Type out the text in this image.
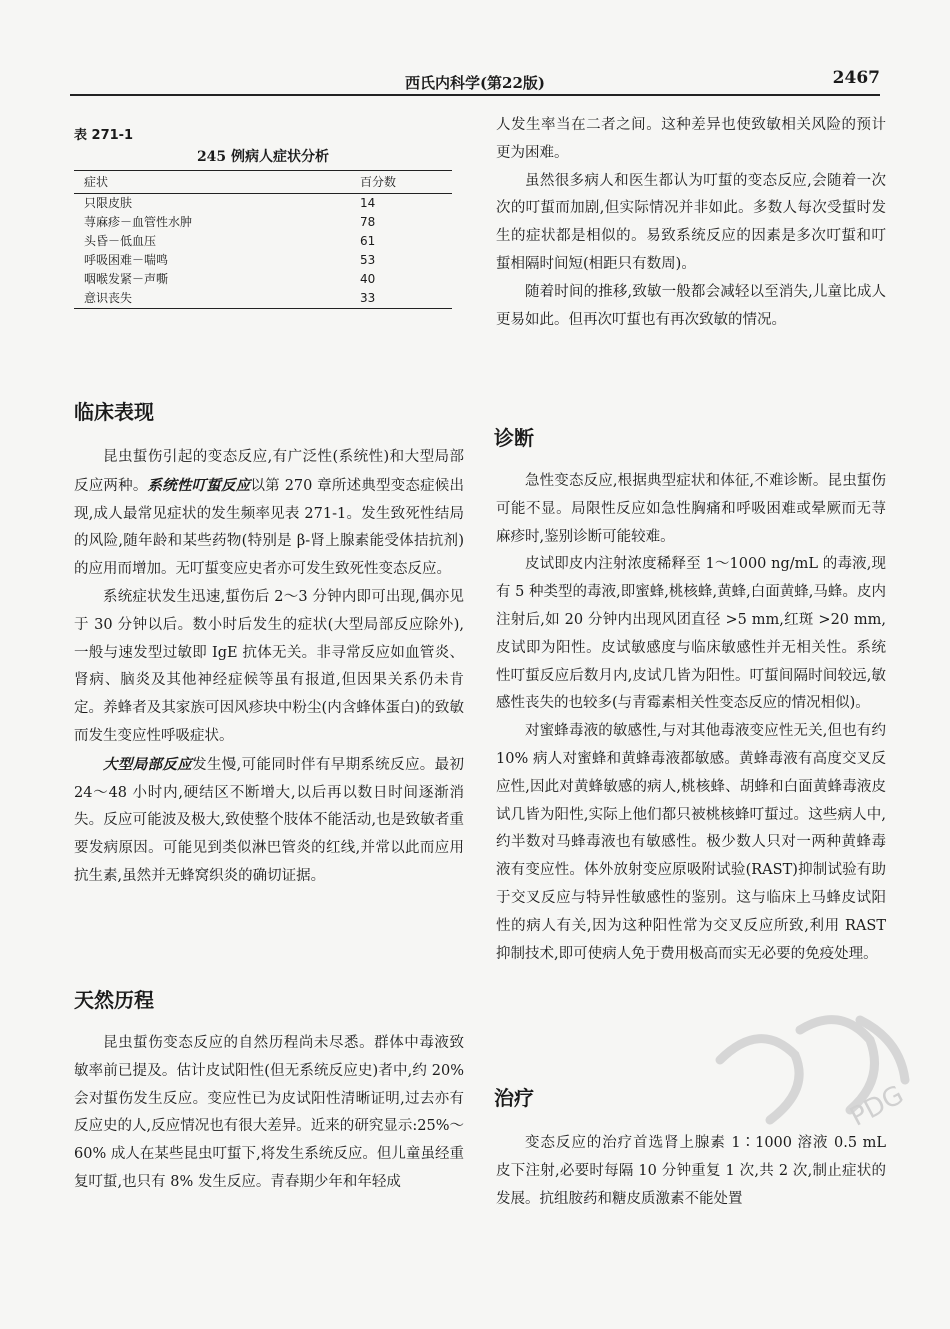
西氏内科学(第22版)	2467
表 271-1
245 例病人症状分析
症状	百分数
只限皮肤	14
荨麻疹－血管性水肿	78
头昏－低血压	61
呼吸困难－喘鸣	53
咽喉发紧－声嘶	40
意识丧失	33
临床表现

昆虫蜇伤引起的变态反应,有广泛性(系统性)和大型局部反应两种。系统性叮蜇反应以第 270 章所述典型变态症候出现,成人最常见症状的发生频率见表 271-1。发生致死性结局的风险,随年龄和某些药物(特别是 β-肾上腺素能受体拮抗剂)的应用而增加。无叮蜇变应史者亦可发生致死性变态反应。

系统症状发生迅速,蜇伤后 2～3 分钟内即可出现,偶亦见于 30 分钟以后。数小时后发生的症状(大型局部反应除外),一般与速发型过敏即 IgE 抗体无关。非寻常反应如血管炎、肾病、脑炎及其他神经症候等虽有报道,但因果关系仍未肯定。养蜂者及其家族可因风疹块中粉尘(内含蜂体蛋白)的致敏而发生变应性呼吸症状。

大型局部反应发生慢,可能同时伴有早期系统反应。最初 24～48 小时内,硬结区不断增大,以后再以数日时间逐渐消失。反应可能波及极大,致使整个肢体不能活动,也是致敏者重要发病原因。可能见到类似淋巴管炎的红线,并常以此而应用抗生素,虽然并无蜂窝织炎的确切证据。

天然历程

昆虫蜇伤变态反应的自然历程尚未尽悉。群体中毒液致敏率前已提及。估计皮试阳性(但无系统反应史)者中,约 20% 会对蜇伤发生反应。变应性已为皮试阳性清晰证明,过去亦有反应史的人,反应情况也有很大差异。近来的研究显示:25%～60% 成人在某些昆虫叮蜇下,将发生系统反应。但儿童虽经重复叮蜇,也只有 8% 发生反应。青春期少年和年轻成

人发生率当在二者之间。这种差异也使致敏相关风险的预计更为困难。

虽然很多病人和医生都认为叮蜇的变态反应,会随着一次次的叮蜇而加剧,但实际情况并非如此。多数人每次受蜇时发生的症状都是相似的。易致系统反应的因素是多次叮蜇和叮蜇相隔时间短(相距只有数周)。

随着时间的推移,致敏一般都会减轻以至消失,儿童比成人更易如此。但再次叮蜇也有再次致敏的情况。

诊断

急性变态反应,根据典型症状和体征,不难诊断。昆虫蜇伤可能不显。局限性反应如急性胸痛和呼吸困难或晕厥而无荨麻疹时,鉴别诊断可能较难。

皮试即皮内注射浓度稀释至 1～1000 ng/mL 的毒液,现有 5 种类型的毒液,即蜜蜂,桃核蜂,黄蜂,白面黄蜂,马蜂。皮内注射后,如 20 分钟内出现风团直径 >5 mm,红斑 >20 mm,皮试即为阳性。皮试敏感度与临床敏感性并无相关性。系统性叮蜇反应后数月内,皮试几皆为阳性。叮蜇间隔时间较远,敏感性丧失的也较多(与青霉素相关性变态反应的情况相似)。

对蜜蜂毒液的敏感性,与对其他毒液变应性无关,但也有约 10% 病人对蜜蜂和黄蜂毒液都敏感。黄蜂毒液有高度交叉反应性,因此对黄蜂敏感的病人,桃核蜂、胡蜂和白面黄蜂毒液皮试几皆为阳性,实际上他们都只被桃核蜂叮蜇过。这些病人中,约半数对马蜂毒液也有敏感性。极少数人只对一两种黄蜂毒液有变应性。体外放射变应原吸附试验(RAST)抑制试验有助于交叉反应与特异性敏感性的鉴别。这与临床上马蜂皮试阳性的病人有关,因为这种阳性常为交叉反应所致,利用 RAST 抑制技术,即可使病人免于费用极高而实无必要的免疫处理。

治疗

变态反应的治疗首选肾上腺素 1∶1000 溶液 0.5 mL 皮下注射,必要时每隔 10 分钟重复 1 次,共 2 次,制止症状的发展。抗组胺药和糖皮质激素不能处置

PDG
